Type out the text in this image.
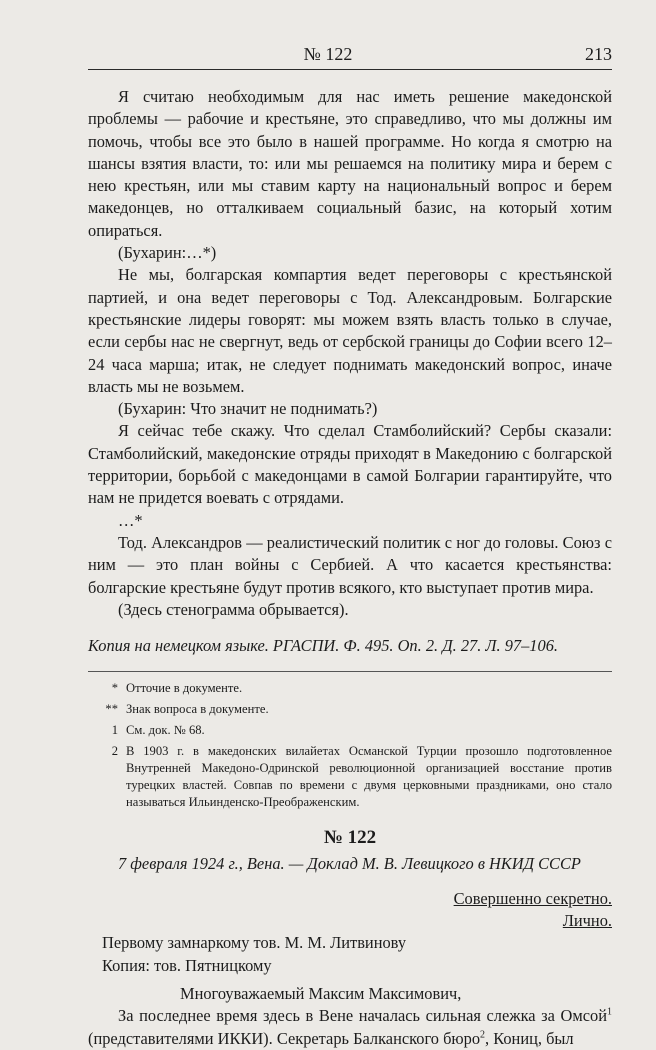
№ 122	213

Я считаю необходимым для нас иметь решение македонской проблемы — рабочие и крестьяне, это справедливо, что мы должны им помочь, чтобы все это было в нашей программе. Но когда я смотрю на шансы взятия власти, то: или мы решаемся на политику мира и берем с нею крестьян, или мы ставим карту на национальный вопрос и берем македонцев, но отталкиваем социальный базис, на который хотим опираться.

(Бухарин:…*)

Не мы, болгарская компартия ведет переговоры с крестьянской партией, и она ведет переговоры с Тод. Александровым. Болгарские крестьянские лидеры говорят: мы можем взять власть только в случае, если сербы нас не свергнут, ведь от сербской границы до Софии всего 12–24 часа марша; итак, не следует поднимать македонский вопрос, иначе власть мы не возьмем.

(Бухарин: Что значит не поднимать?)

Я сейчас тебе скажу. Что сделал Стамболийский? Сербы сказали: Стамболийский, македонские отряды приходят в Македонию с болгарской территории, борьбой с македонцами в самой Болгарии гарантируйте, что нам не придется воевать с отрядами.

…*

Тод. Александров — реалистический политик с ног до головы. Союз с ним — это план войны с Сербией. А что касается крестьянства: болгарские крестьяне будут против всякого, кто выступает против мира.

(Здесь стенограмма обрывается).

Копия на немецком языке. РГАСПИ. Ф. 495. Оп. 2. Д. 27. Л. 97–106.

* Отточие в документе.
** Знак вопроса в документе.
1 См. док. № 68.
2 В 1903 г. в македонских вилайетах Османской Турции прозошло подготовленное Внутренней Македоно-Одринской революционной организацией восстание против турецких властей. Совпав по времени с двумя церковными праздниками, оно стало называться Ильинденско-Преображенским.
№ 122

7 февраля 1924 г., Вена. — Доклад М. В. Левицкого в НКИД СССР

Совершенно секретно.
Лично.

Первому замнаркому тов. М. М. Литвинову

Копия: тов. Пятницкому

Многоуважаемый Максим Максимович,

За последнее время здесь в Вене началась сильная слежка за Омсой$^1$ (представителями ИККИ). Секретарь Балканского бюро$^2$, Кониц, был
